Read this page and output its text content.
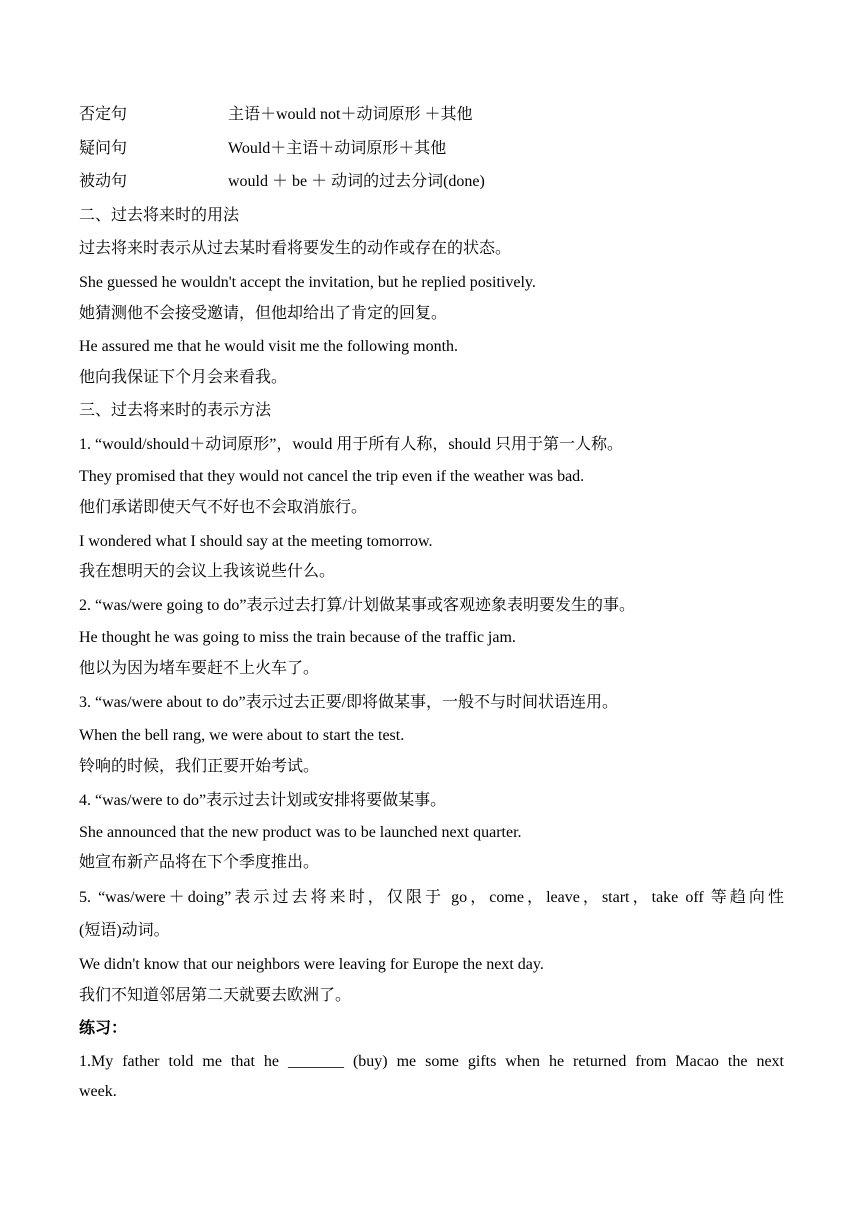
否定句	主语＋would not＋动词原形 ＋其他
疑问句	Would＋主语＋动词原形＋其他
被动句	would ＋ be ＋ 动词的过去分词(done)
二、过去将来时的用法
过去将来时表示从过去某时看将要发生的动作或存在的状态。
She guessed he wouldn't accept the invitation, but he replied positively.
她猜测他不会接受邀请，但他却给出了肯定的回复。
He assured me that he would visit me the following month.
他向我保证下个月会来看我。
三、过去将来时的表示方法
1. “would/should＋动词原形”，would 用于所有人称，should 只用于第一人称。
They promised that they would not cancel the trip even if the weather was bad.
他们承诺即使天气不好也不会取消旅行。
I wondered what I should say at the meeting tomorrow.
我在想明天的会议上我该说些什么。
2. “was/were going to do”表示过去打算/计划做某事或客观迹象表明要发生的事。
He thought he was going to miss the train because of the traffic jam.
他以为因为堵车要赶不上火车了。
3. “was/were about to do”表示过去正要/即将做某事，一般不与时间状语连用。
When the bell rang, we were about to start the test.
铃响的时候，我们正要开始考试。
4. “was/were to do”表示过去计划或安排将要做某事。
She announced that the new product was to be launched next quarter.
她宣布新产品将在下个季度推出。
5. “was/were＋doing”表示过去将来时，仅限于 go，come，leave，start，take off 等趋向性
(短语)动词。
We didn't know that our neighbors were leaving for Europe the next day.
我们不知道邻居第二天就要去欧洲了。
练习：
1.My father told me that he _______ (buy) me some gifts when he returned from Macao the next
week.
